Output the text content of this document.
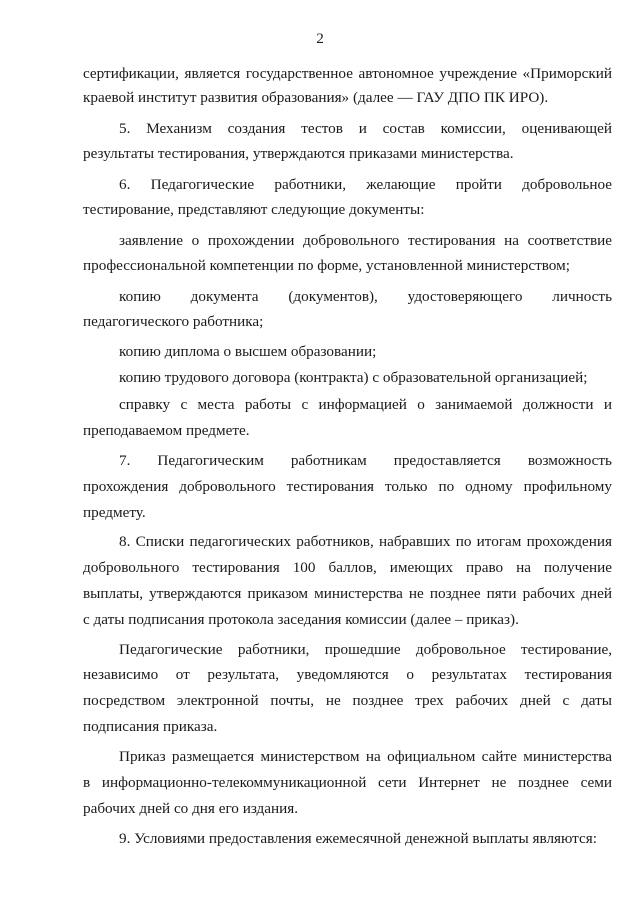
2
сертификации, является государственное автономное учреждение «Приморский
краевой институт развития образования» (далее — ГАУ ДПО ПК ИРО).
5. Механизм создания тестов и состав комиссии, оценивающей
результаты тестирования, утверждаются приказами министерства.
6. Педагогические работники, желающие пройти добровольное
тестирование, представляют следующие документы:
заявление о прохождении добровольного тестирования на соответствие
профессиональной компетенции по форме, установленной министерством;
копию документа (документов), удостоверяющего личность
педагогического работника;
копию диплома о высшем образовании;
копию трудового договора (контракта) с образовательной организацией;
справку с места работы с информацией о занимаемой должности и
преподаваемом предмете.
7. Педагогическим работникам предоставляется возможность
прохождения добровольного тестирования только по одному профильному
предмету.
8. Списки педагогических работников, набравших по итогам прохождения
добровольного тестирования 100 баллов, имеющих право на получение
выплаты, утверждаются приказом министерства не позднее пяти рабочих дней
с даты подписания протокола заседания комиссии (далее – приказ).
Педагогические работники, прошедшие добровольное тестирование,
независимо от результата, уведомляются о результатах тестирования
посредством электронной почты, не позднее трех рабочих дней с даты
подписания приказа.
Приказ размещается министерством на официальном сайте министерства
в информационно-телекоммуникационной сети Интернет не позднее семи
рабочих дней со дня его издания.
9. Условиями предоставления ежемесячной денежной выплаты являются:
